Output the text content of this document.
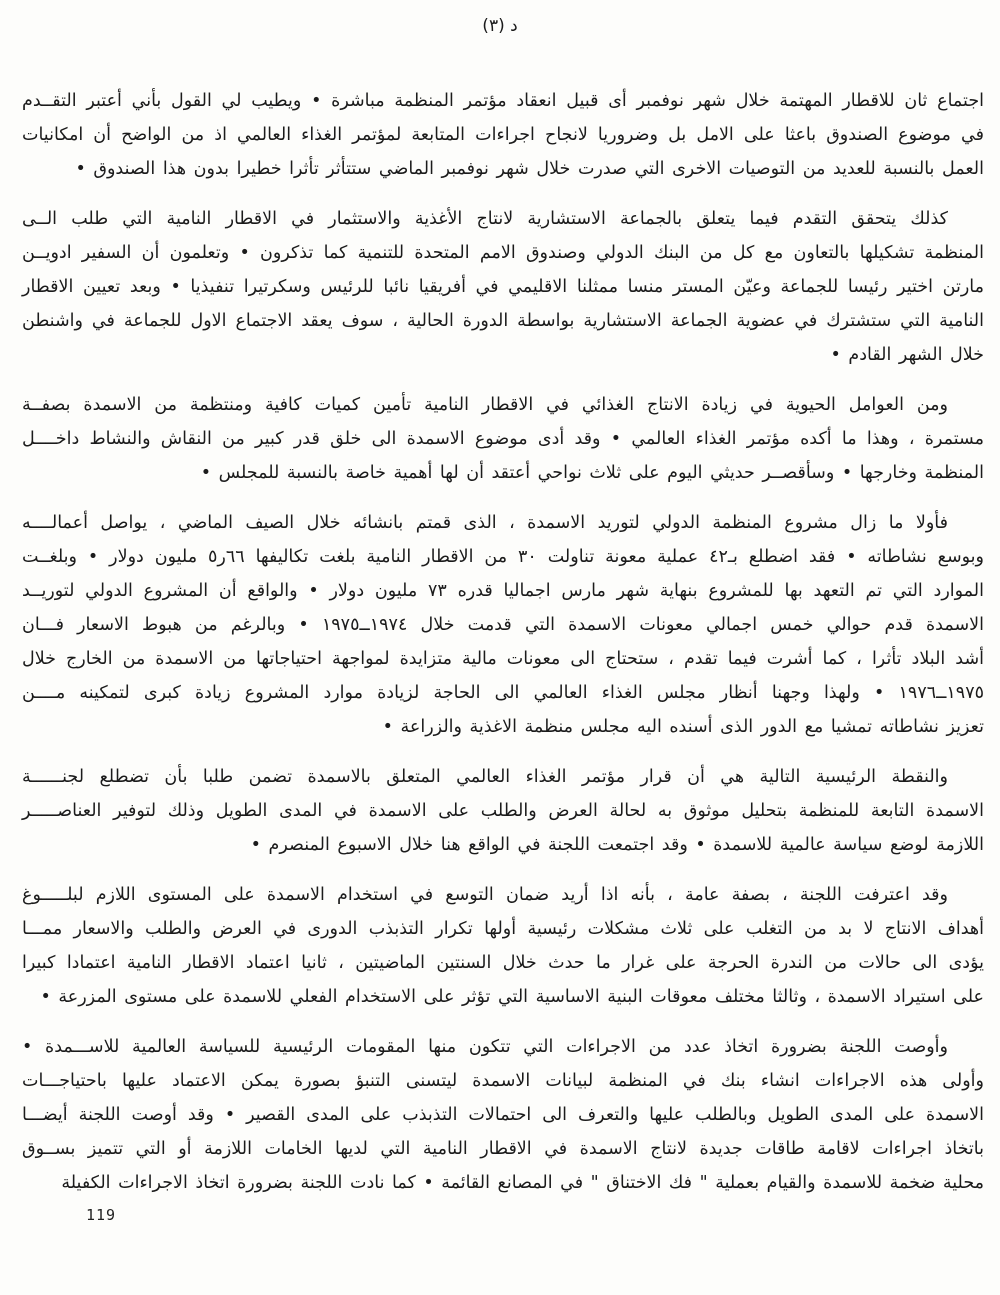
د (٣)
اجتماع ثان للاقطار المهتمة خلال شهر نوفمبر أى قبيل انعقاد مؤتمر المنظمة مباشرة • ويطيب لي القول بأني أعتبر التقــدم
في موضوع الصندوق باعثا على الامل بل وضروريا لانجاح اجراءات المتابعة لمؤتمر الغذاء العالمي اذ من الواضح أن امكانيات
العمل بالنسبة للعديد من التوصيات الاخرى التي صدرت خلال شهر نوفمبر الماضي ستتأثر تأثرا خطيرا بدون هذا الصندوق •
كذلك يتحقق التقدم فيما يتعلق بالجماعة الاستشارية لانتاج الأغذية والاستثمار في الاقطار النامية التي طلب الــى
المنظمة تشكيلها بالتعاون مع كل من البنك الدولي وصندوق الامم المتحدة للتنمية كما تذكرون • وتعلمون أن السفير ادويــن
مارتن اختير رئيسا للجماعة وعيّن المستر منسا ممثلنا الاقليمي في أفريقيا نائبا للرئيس وسكرتيرا تنفيذيا • وبعد تعيين الاقطار
النامية التي ستشترك في عضوية الجماعة الاستشارية بواسطة الدورة الحالية ، سوف يعقد الاجتماع الاول للجماعة في واشنطن
خلال الشهر القادم •
ومن العوامل الحيوية في زيادة الانتاج الغذائي في الاقطار النامية تأمين كميات كافية ومنتظمة من الاسمدة بصفــة
مستمرة ، وهذا ما أكده مؤتمر الغذاء العالمي • وقد أدى موضوع الاسمدة الى خلق قدر كبير من النقاش والنشاط داخــــل
المنظمة وخارجها • وسأقصــر حديثي اليوم على ثلاث نواحي أعتقد أن لها أهمية خاصة بالنسبة للمجلس •
فأولا ما زال مشروع المنظمة الدولي لتوريد الاسمدة ، الذى قمتم بانشائه خلال الصيف الماضي ، يواصل أعمالــــه
وبوسع نشاطاته • فقد اضطلع بـ٤٢ عملية معونة تناولت ٣٠ من الاقطار النامية بلغت تكاليفها ٦٦ر٥ مليون دولار • وبلغــت
الموارد التي تم التعهد بها للمشروع بنهاية شهر مارس اجماليا قدره ٧٣ مليون دولار • والواقع أن المشروع الدولي لتوريــد
الاسمدة قدم حوالي خمس اجمالي معونات الاسمدة التي قدمت خلال ١٩٧٤ــ١٩٧٥ • وبالرغم من هبوط الاسعار فـــان
أشد البلاد تأثرا ، كما أشرت فيما تقدم ، ستحتاج الى معونات مالية متزايدة لمواجهة احتياجاتها من الاسمدة من الخارج خلال
١٩٧٥ــ١٩٧٦ • ولهذا وجهنا أنظار مجلس الغذاء العالمي الى الحاجة لزيادة موارد المشروع زيادة كبرى لتمكينه مــــن
تعزيز نشاطاته تمشيا مع الدور الذى أسنده اليه مجلس منظمة الاغذية والزراعة •
والنقطة الرئيسية التالية هي أن قرار مؤتمر الغذاء العالمي المتعلق بالاسمدة تضمن طلبا بأن تضطلع لجنــــــة
الاسمدة التابعة للمنظمة بتحليل موثوق به لحالة العرض والطلب على الاسمدة في المدى الطويل وذلك لتوفير العناصـــــر
اللازمة لوضع سياسة عالمية للاسمدة • وقد اجتمعت اللجنة في الواقع هنا خلال الاسبوع المنصرم •
وقد اعترفت اللجنة ، بصفة عامة ، بأنه اذا أريد ضمان التوسع في استخدام الاسمدة على المستوى اللازم لبلـــــوغ
أهداف الانتاج لا بد من التغلب على ثلاث مشكلات رئيسية أولها تكرار التذبذب الدورى في العرض والطلب والاسعار ممـــا
يؤدى الى حالات من الندرة الحرجة على غرار ما حدث خلال السنتين الماضيتين ، ثانيا اعتماد الاقطار النامية اعتمادا كبيرا
على استيراد الاسمدة ، وثالثا مختلف معوقات البنية الاساسية التي تؤثر على الاستخدام الفعلي للاسمدة على مستوى المزرعة •
وأوصت اللجنة بضرورة اتخاذ عدد من الاجراءات التي تتكون منها المقومات الرئيسية للسياسة العالمية للاســـمدة •
وأولى هذه الاجراءات انشاء بنك في المنظمة لبيانات الاسمدة ليتسنى التنبؤ بصورة يمكن الاعتماد عليها باحتياجـــات
الاسمدة على المدى الطويل وبالطلب عليها والتعرف الى احتمالات التذبذب على المدى القصير • وقد أوصت اللجنة أيضـــا
باتخاذ اجراءات لاقامة طاقات جديدة لانتاج الاسمدة في الاقطار النامية التي لديها الخامات اللازمة أو التي تتميز بســوق
محلية ضخمة للاسمدة والقيام بعملية " فك الاختناق " في المصانع القائمة • كما نادت اللجنة بضرورة اتخاذ الاجراءات الكفيلة
119
